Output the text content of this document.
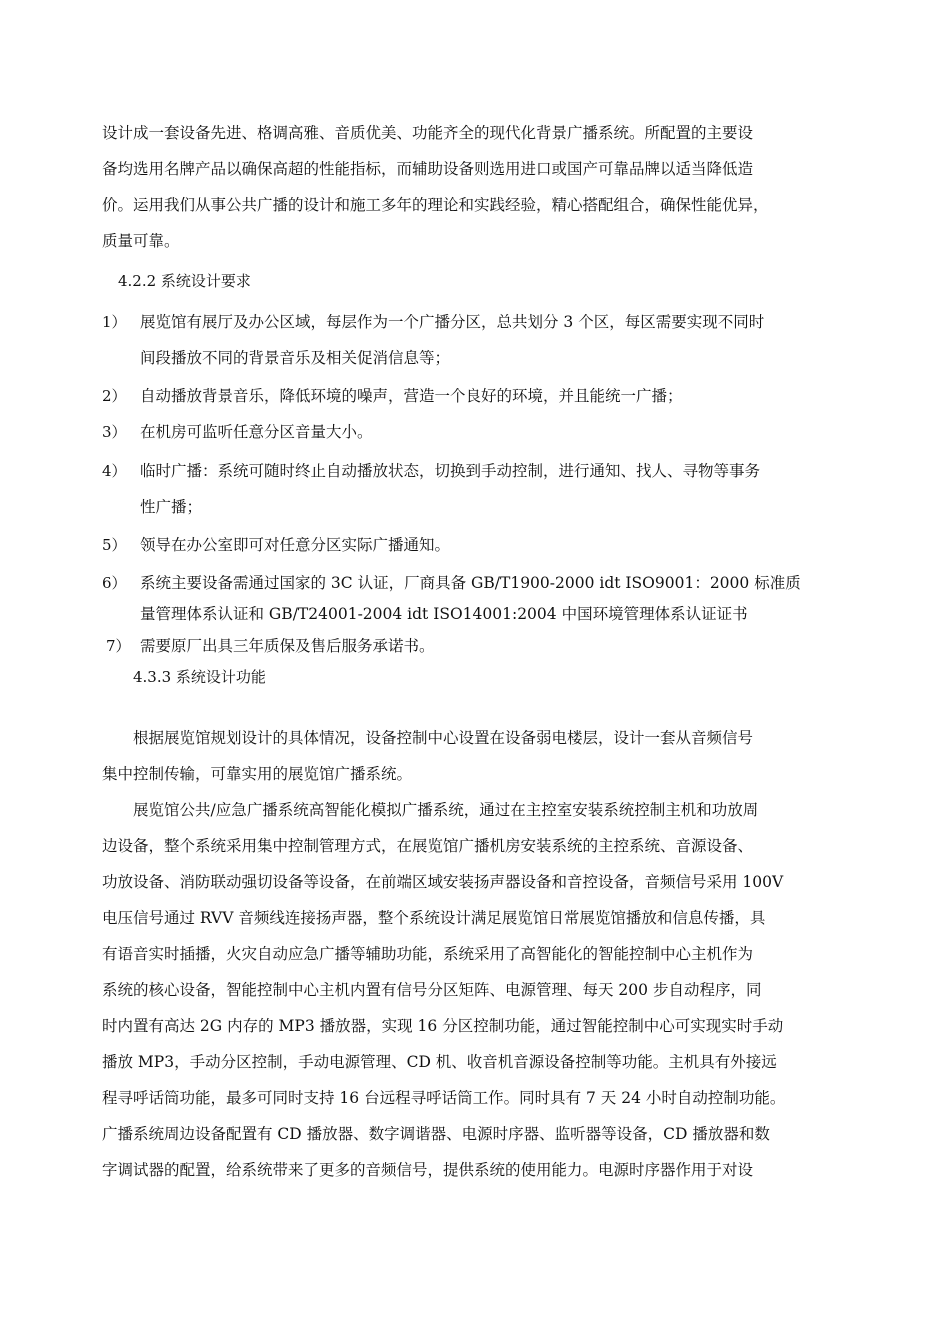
设计成一套设备先进、格调高雅、音质优美、功能齐全的现代化背景广播系统。所配置的主要设
备均选用名牌产品以确保高超的性能指标，而辅助设备则选用进口或国产可靠品牌以适当降低造
价。运用我们从事公共广播的设计和施工多年的理论和实践经验，精心搭配组合，确保性能优异，
质量可靠。
4.2.2 系统设计要求
1） 展览馆有展厅及办公区域，每层作为一个广播分区，总共划分 3 个区，每区需要实现不同时
间段播放不同的背景音乐及相关促消信息等；
2） 自动播放背景音乐，降低环境的噪声，营造一个良好的环境，并且能统一广播；
3） 在机房可监听任意分区音量大小。
4） 临时广播：系统可随时终止自动播放状态，切换到手动控制，进行通知、找人、寻物等事务
性广播；
5） 领导在办公室即可对任意分区实际广播通知。
6） 系统主要设备需通过国家的 3C 认证，厂商具备 GB/T1900-2000 idt ISO9001：2000 标准质
量管理体系认证和 GB/T24001-2004 idt ISO14001:2004 中国环境管理体系认证证书
7） 需要原厂出具三年质保及售后服务承诺书。
4.3.3 系统设计功能
根据展览馆规划设计的具体情况，设备控制中心设置在设备弱电楼层，设计一套从音频信号
集中控制传输，可靠实用的展览馆广播系统。
展览馆公共/应急广播系统高智能化模拟广播系统，通过在主控室安装系统控制主机和功放周
边设备，整个系统采用集中控制管理方式，在展览馆广播机房安装系统的主控系统、音源设备、
功放设备、消防联动强切设备等设备，在前端区域安装扬声器设备和音控设备，音频信号采用 100V
电压信号通过 RVV 音频线连接扬声器，整个系统设计满足展览馆日常展览馆播放和信息传播，具
有语音实时插播，火灾自动应急广播等辅助功能，系统采用了高智能化的智能控制中心主机作为
系统的核心设备，智能控制中心主机内置有信号分区矩阵、电源管理、每天 200 步自动程序，同
时内置有高达 2G 内存的 MP3 播放器，实现 16 分区控制功能，通过智能控制中心可实现实时手动
播放 MP3，手动分区控制，手动电源管理、CD 机、收音机音源设备控制等功能。主机具有外接远
程寻呼话筒功能，最多可同时支持 16 台远程寻呼话筒工作。同时具有 7 天 24 小时自动控制功能。
广播系统周边设备配置有 CD 播放器、数字调谐器、电源时序器、监听器等设备，CD 播放器和数
字调试器的配置，给系统带来了更多的音频信号，提供系统的使用能力。电源时序器作用于对设
